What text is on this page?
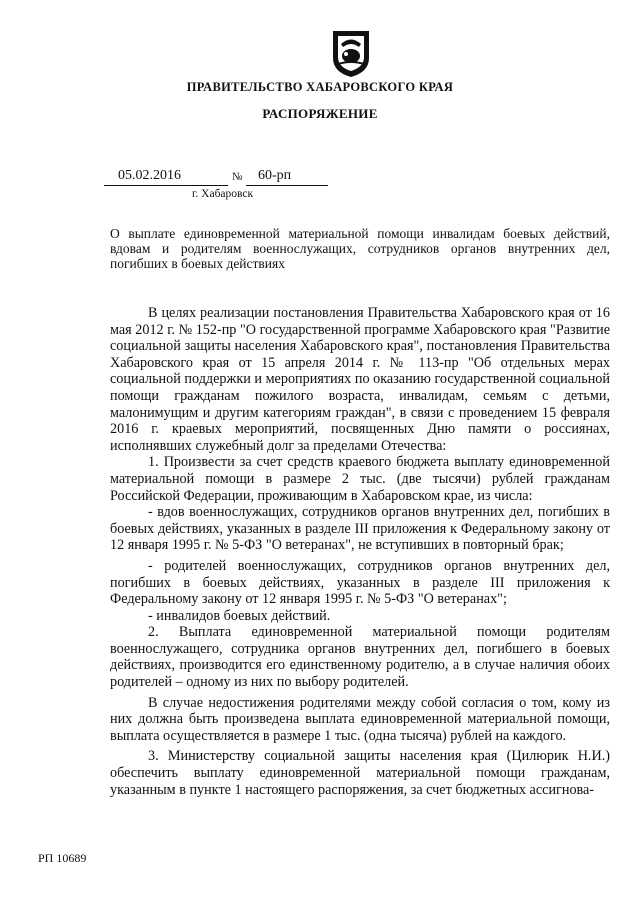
ПРАВИТЕЛЬСТВО ХАБАРОВСКОГО КРАЯ
РАСПОРЯЖЕНИЕ
05.02.2016	№ 60-рп
г. Хабаровск
О выплате единовременной материальной помощи инвалидам боевых действий, вдовам и родителям военнослужащих, сотрудников органов внутренних дел, погибших в боевых действиях

В целях реализации постановления Правительства Хабаровского края от 16 мая 2012 г. № 152-пр "О государственной программе Хабаровского края "Развитие социальной защиты населения Хабаровского края", постановления Правительства Хабаровского края от 15 апреля 2014 г. № 113-пр "Об отдельных мерах социальной поддержки и мероприятиях по оказанию государственной социальной помощи гражданам пожилого возраста, инвалидам, семьям с детьми, малонимущим и другим категориям граждан", в связи с проведением 15 февраля 2016 г. краевых мероприятий, посвященных Дню памяти о россиянах, исполнявших служебный долг за пределами Отечества:

1. Произвести за счет средств краевого бюджета выплату единовременной материальной помощи в размере 2 тыс. (две тысячи) рублей гражданам Российской Федерации, проживающим в Хабаровском крае, из числа:

- вдов военнослужащих, сотрудников органов внутренних дел, погибших в боевых действиях, указанных в разделе III приложения к Федеральному закону от 12 января 1995 г. № 5-ФЗ "О ветеранах", не вступивших в повторный брак;

- родителей военнослужащих, сотрудников органов внутренних дел, погибших в боевых действиях, указанных в разделе III приложения к Федеральному закону от 12 января 1995 г. № 5-ФЗ "О ветеранах";

- инвалидов боевых действий.

2. Выплата единовременной материальной помощи родителям военнослужащего, сотрудника органов внутренних дел, погибшего в боевых действиях, производится его единственному родителю, а в случае наличия обоих родителей – одному из них по выбору родителей.

В случае недостижения родителями между собой согласия о том, кому из них должна быть произведена выплата единовременной материальной помощи, выплата осуществляется в размере 1 тыс. (одна тысяча) рублей на каждого.

3. Министерству социальной защиты населения края (Цилюрик Н.И.) обеспечить выплату единовременной материальной помощи гражданам, указанным в пункте 1 настоящего распоряжения, за счет бюджетных ассигнова-

РП 10689
